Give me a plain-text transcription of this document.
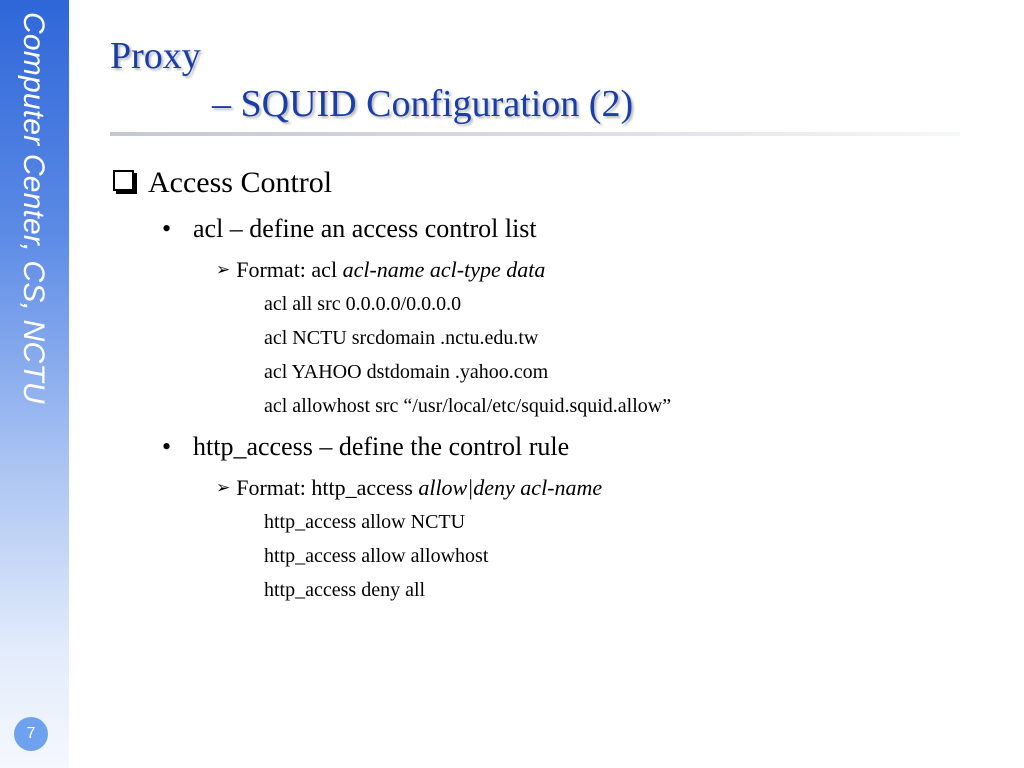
Computer Center, CS, NCTU
7
Proxy
– SQUID Configuration (2)
Access Control
• acl – define an access control list
➢ Format: acl acl-name acl-type data
acl all src 0.0.0.0/0.0.0.0
acl NCTU srcdomain .nctu.edu.tw
acl YAHOO dstdomain .yahoo.com
acl allowhost src “/usr/local/etc/squid.squid.allow”
• http_access – define the control rule
➢ Format: http_access allow|deny acl-name
http_access allow NCTU
http_access allow allowhost
http_access deny all
